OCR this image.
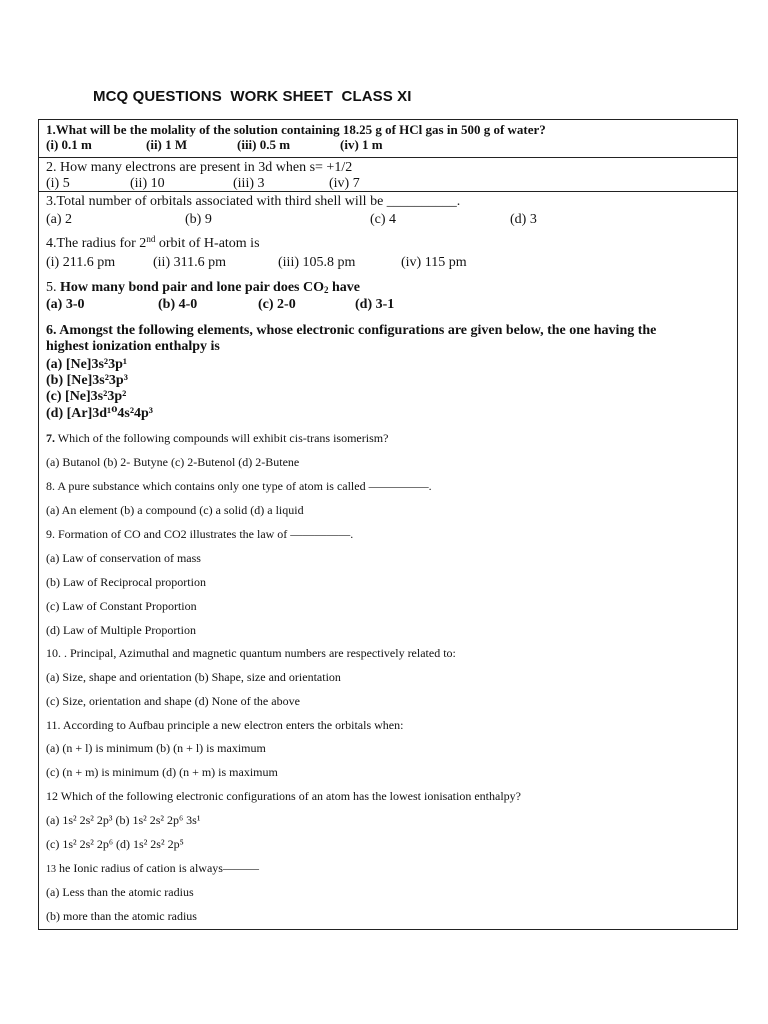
MCQ QUESTIONS  WORK SHEET  CLASS XI
1.What will be the molality of the solution containing 18.25 g of HCl gas in 500 g of water?
(i) 0.1 m	(ii) 1 M	(iii) 0.5 m	(iv) 1 m
2. How many electrons are present in 3d when s= +1/2
(i) 5	(ii) 10	(iii) 3	(iv) 7
3.Total number of orbitals associated with third shell will be __________.
(a) 2	(b) 9	(c) 4	(d) 3
4.The radius for 2nd orbit of H-atom is
(i) 211.6 pm	(ii) 311.6 pm	(iii) 105.8 pm	(iv) 115 pm
5. How many bond pair and lone pair does CO2 have
(a) 3-0	(b) 4-0	(c) 2-0	(d) 3-1
6. Amongst the following elements, whose electronic configurations are given below, the one having the
highest ionization enthalpy is
(a) [Ne]3s²3p¹
(b) [Ne]3s²3p³
(c) [Ne]3s²3p²
(d) [Ar]3d¹⁰4s²4p³
7. Which of the following compounds will exhibit cis-trans isomerism?
(a) Butanol (b) 2- Butyne (c) 2-Butenol (d) 2-Butene
8. A pure substance which contains only one type of atom is called —————.
(a) An element (b) a compound (c) a solid (d) a liquid
9. Formation of CO and CO2 illustrates the law of —————.
(a) Law of conservation of mass
(b) Law of Reciprocal proportion
(c) Law of Constant Proportion
(d) Law of Multiple Proportion
10. . Principal, Azimuthal and magnetic quantum numbers are respectively related to:
(a) Size, shape and orientation (b) Shape, size and orientation
(c) Size, orientation and shape (d) None of the above
11. According to Aufbau principle a new electron enters the orbitals when:
(a) (n + l) is minimum (b) (n + l) is maximum
(c) (n + m) is minimum (d) (n + m) is maximum
12 Which of the following electronic configurations of an atom has the lowest ionisation enthalpy?
(a) 1s² 2s² 2p³ (b) 1s² 2s² 2p⁶ 3s¹
(c) 1s² 2s² 2p⁶ (d) 1s² 2s² 2p⁵
13 he Ionic radius of cation is always———
(a) Less than the atomic radius
(b) more than the atomic radius
